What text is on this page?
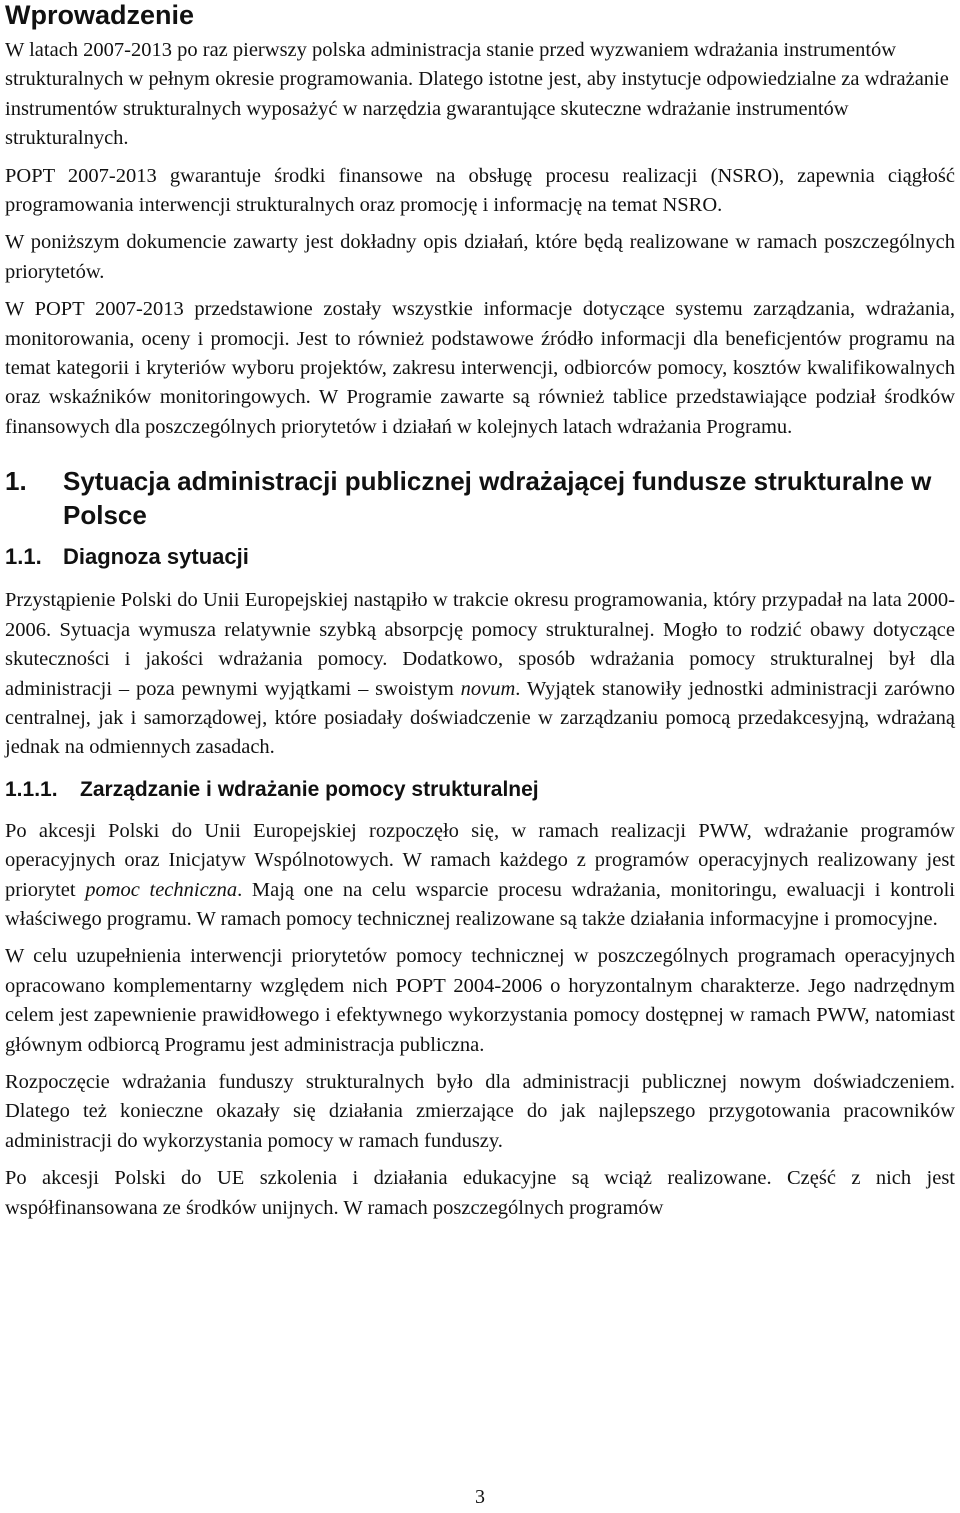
Wprowadzenie

W latach 2007-2013 po raz pierwszy polska administracja stanie przed wyzwaniem wdrażania instrumentów strukturalnych w pełnym okresie programowania. Dlatego istotne jest, aby instytucje odpowiedzialne za wdrażanie instrumentów strukturalnych wyposażyć w narzędzia gwarantujące skuteczne wdrażanie instrumentów strukturalnych.

POPT 2007-2013 gwarantuje środki finansowe na obsługę procesu realizacji (NSRO), zapewnia ciągłość programowania interwencji strukturalnych oraz promocję i informację na temat NSRO.

W poniższym dokumencie zawarty jest dokładny opis działań, które będą realizowane w ramach poszczególnych priorytetów.

W POPT 2007-2013 przedstawione zostały wszystkie informacje dotyczące systemu zarządzania, wdrażania, monitorowania, oceny i promocji. Jest to również podstawowe źródło informacji dla beneficjentów programu na temat kategorii i kryteriów wyboru projektów, zakresu interwencji, odbiorców pomocy, kosztów kwalifikowalnych oraz wskaźników monitoringowych. W Programie zawarte są również tablice przedstawiające podział środków finansowych dla poszczególnych priorytetów i działań w kolejnych latach wdrażania Programu.

1.	Sytuacja administracji publicznej wdrażającej fundusze strukturalne w Polsce
1.1. Diagnoza sytuacji

Przystąpienie Polski do Unii Europejskiej nastąpiło w trakcie okresu programowania, który przypadał na lata 2000-2006. Sytuacja wymusza relatywnie szybką absorpcję pomocy strukturalnej. Mogło to rodzić obawy dotyczące skuteczności i jakości wdrażania pomocy. Dodatkowo, sposób wdrażania pomocy strukturalnej był dla administracji – poza pewnymi wyjątkami – swoistym novum. Wyjątek stanowiły jednostki administracji zarówno centralnej, jak i samorządowej, które posiadały doświadczenie w zarządzaniu pomocą przedakcesyjną, wdrażaną jednak na odmiennych zasadach.

1.1.1.	Zarządzanie i wdrażanie pomocy strukturalnej

Po akcesji Polski do Unii Europejskiej rozpoczęło się, w ramach realizacji PWW, wdrażanie programów operacyjnych oraz Inicjatyw Wspólnotowych. W ramach każdego z programów operacyjnych realizowany jest priorytet pomoc techniczna. Mają one na celu wsparcie procesu wdrażania, monitoringu, ewaluacji i kontroli właściwego programu. W ramach pomocy technicznej realizowane są także działania informacyjne i promocyjne.

W celu uzupełnienia interwencji priorytetów pomocy technicznej w poszczególnych programach operacyjnych opracowano komplementarny względem nich POPT 2004-2006 o horyzontalnym charakterze. Jego nadrzędnym celem jest zapewnienie prawidłowego i efektywnego wykorzystania pomocy dostępnej w ramach PWW, natomiast głównym odbiorcą Programu jest administracja publiczna.

Rozpoczęcie wdrażania funduszy strukturalnych było dla administracji publicznej nowym doświadczeniem. Dlatego też konieczne okazały się działania zmierzające do jak najlepszego przygotowania pracowników administracji do wykorzystania pomocy w ramach funduszy.

Po akcesji Polski do UE szkolenia i działania edukacyjne są wciąż realizowane. Część z nich jest współfinansowana ze środków unijnych. W ramach poszczególnych programów

3
